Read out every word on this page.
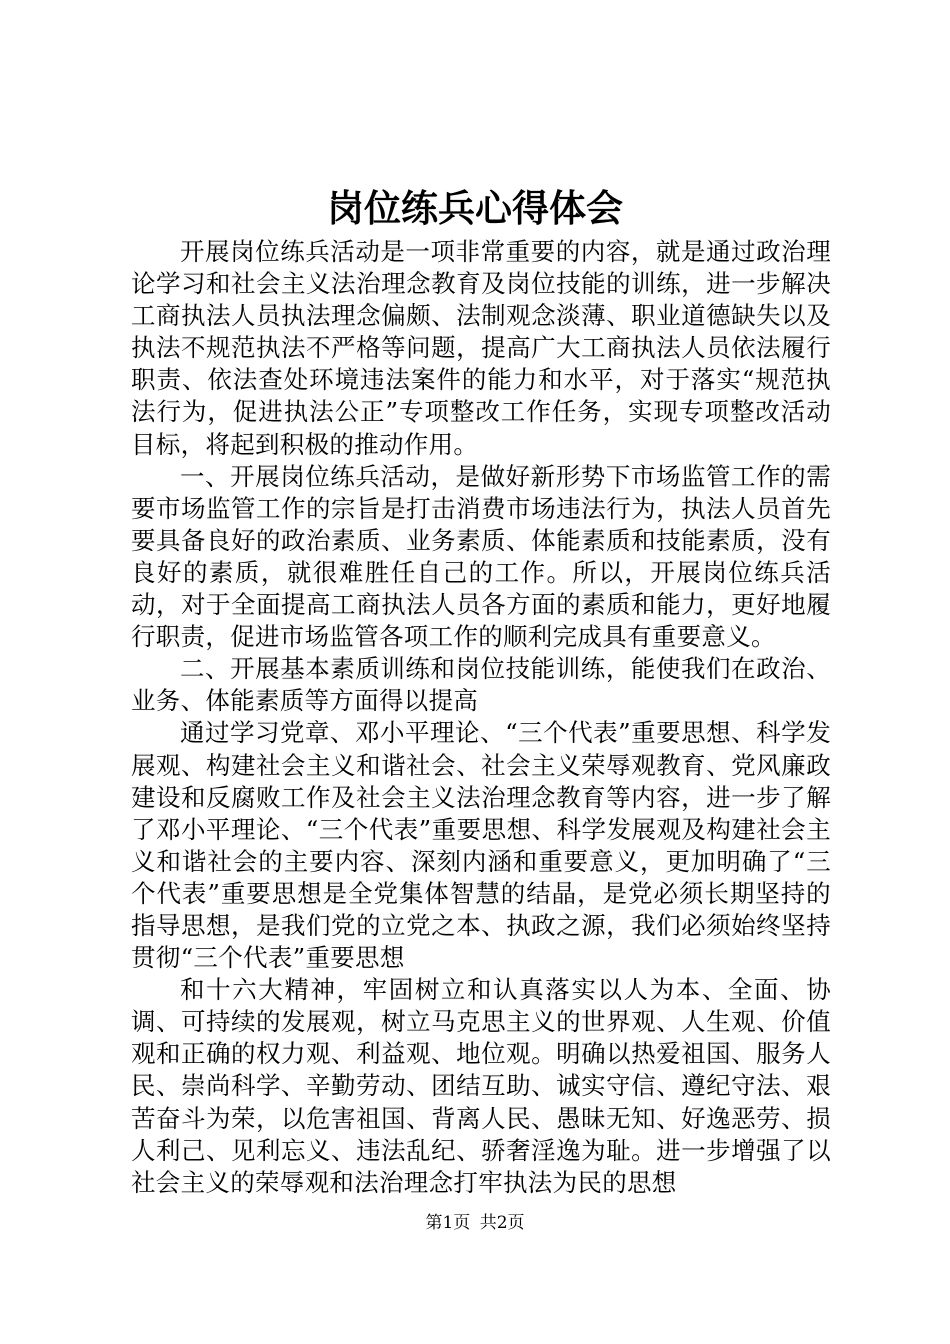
岗位练兵心得体会

开展岗位练兵活动是一项非常重要的内容，就是通过政治理论学习和社会主义法治理念教育及岗位技能的训练，进一步解决工商执法人员执法理念偏颇、法制观念淡薄、职业道德缺失以及执法不规范执法不严格等问题，提高广大工商执法人员依法履行职责、依法查处环境违法案件的能力和水平，对于落实“规范执法行为，促进执法公正”专项整改工作任务，实现专项整改活动目标，将起到积极的推动作用。

一、开展岗位练兵活动，是做好新形势下市场监管工作的需要市场监管工作的宗旨是打击消费市场违法行为，执法人员首先要具备良好的政治素质、业务素质、体能素质和技能素质，没有良好的素质，就很难胜任自己的工作。所以，开展岗位练兵活动，对于全面提高工商执法人员各方面的素质和能力，更好地履行职责，促进市场监管各项工作的顺利完成具有重要意义。

二、开展基本素质训练和岗位技能训练，能使我们在政治、业务、体能素质等方面得以提高

通过学习党章、邓小平理论、“三个代表”重要思想、科学发展观、构建社会主义和谐社会、社会主义荣辱观教育、党风廉政建设和反腐败工作及社会主义法治理念教育等内容，进一步了解了邓小平理论、“三个代表”重要思想、科学发展观及构建社会主义和谐社会的主要内容、深刻内涵和重要意义，更加明确了“三个代表”重要思想是全党集体智慧的结晶，是党必须长期坚持的指导思想，是我们党的立党之本、执政之源，我们必须始终坚持贯彻“三个代表”重要思想

和十六大精神，牢固树立和认真落实以人为本、全面、协调、可持续的发展观，树立马克思主义的世界观、人生观、价值观和正确的权力观、利益观、地位观。明确以热爱祖国、服务人民、崇尚科学、辛勤劳动、团结互助、诚实守信、遵纪守法、艰苦奋斗为荣，以危害祖国、背离人民、愚昧无知、好逸恶劳、损人利己、见利忘义、违法乱纪、骄奢淫逸为耻。进一步增强了以社会主义的荣辱观和法治理念打牢执法为民的思想

第1页 共2页
